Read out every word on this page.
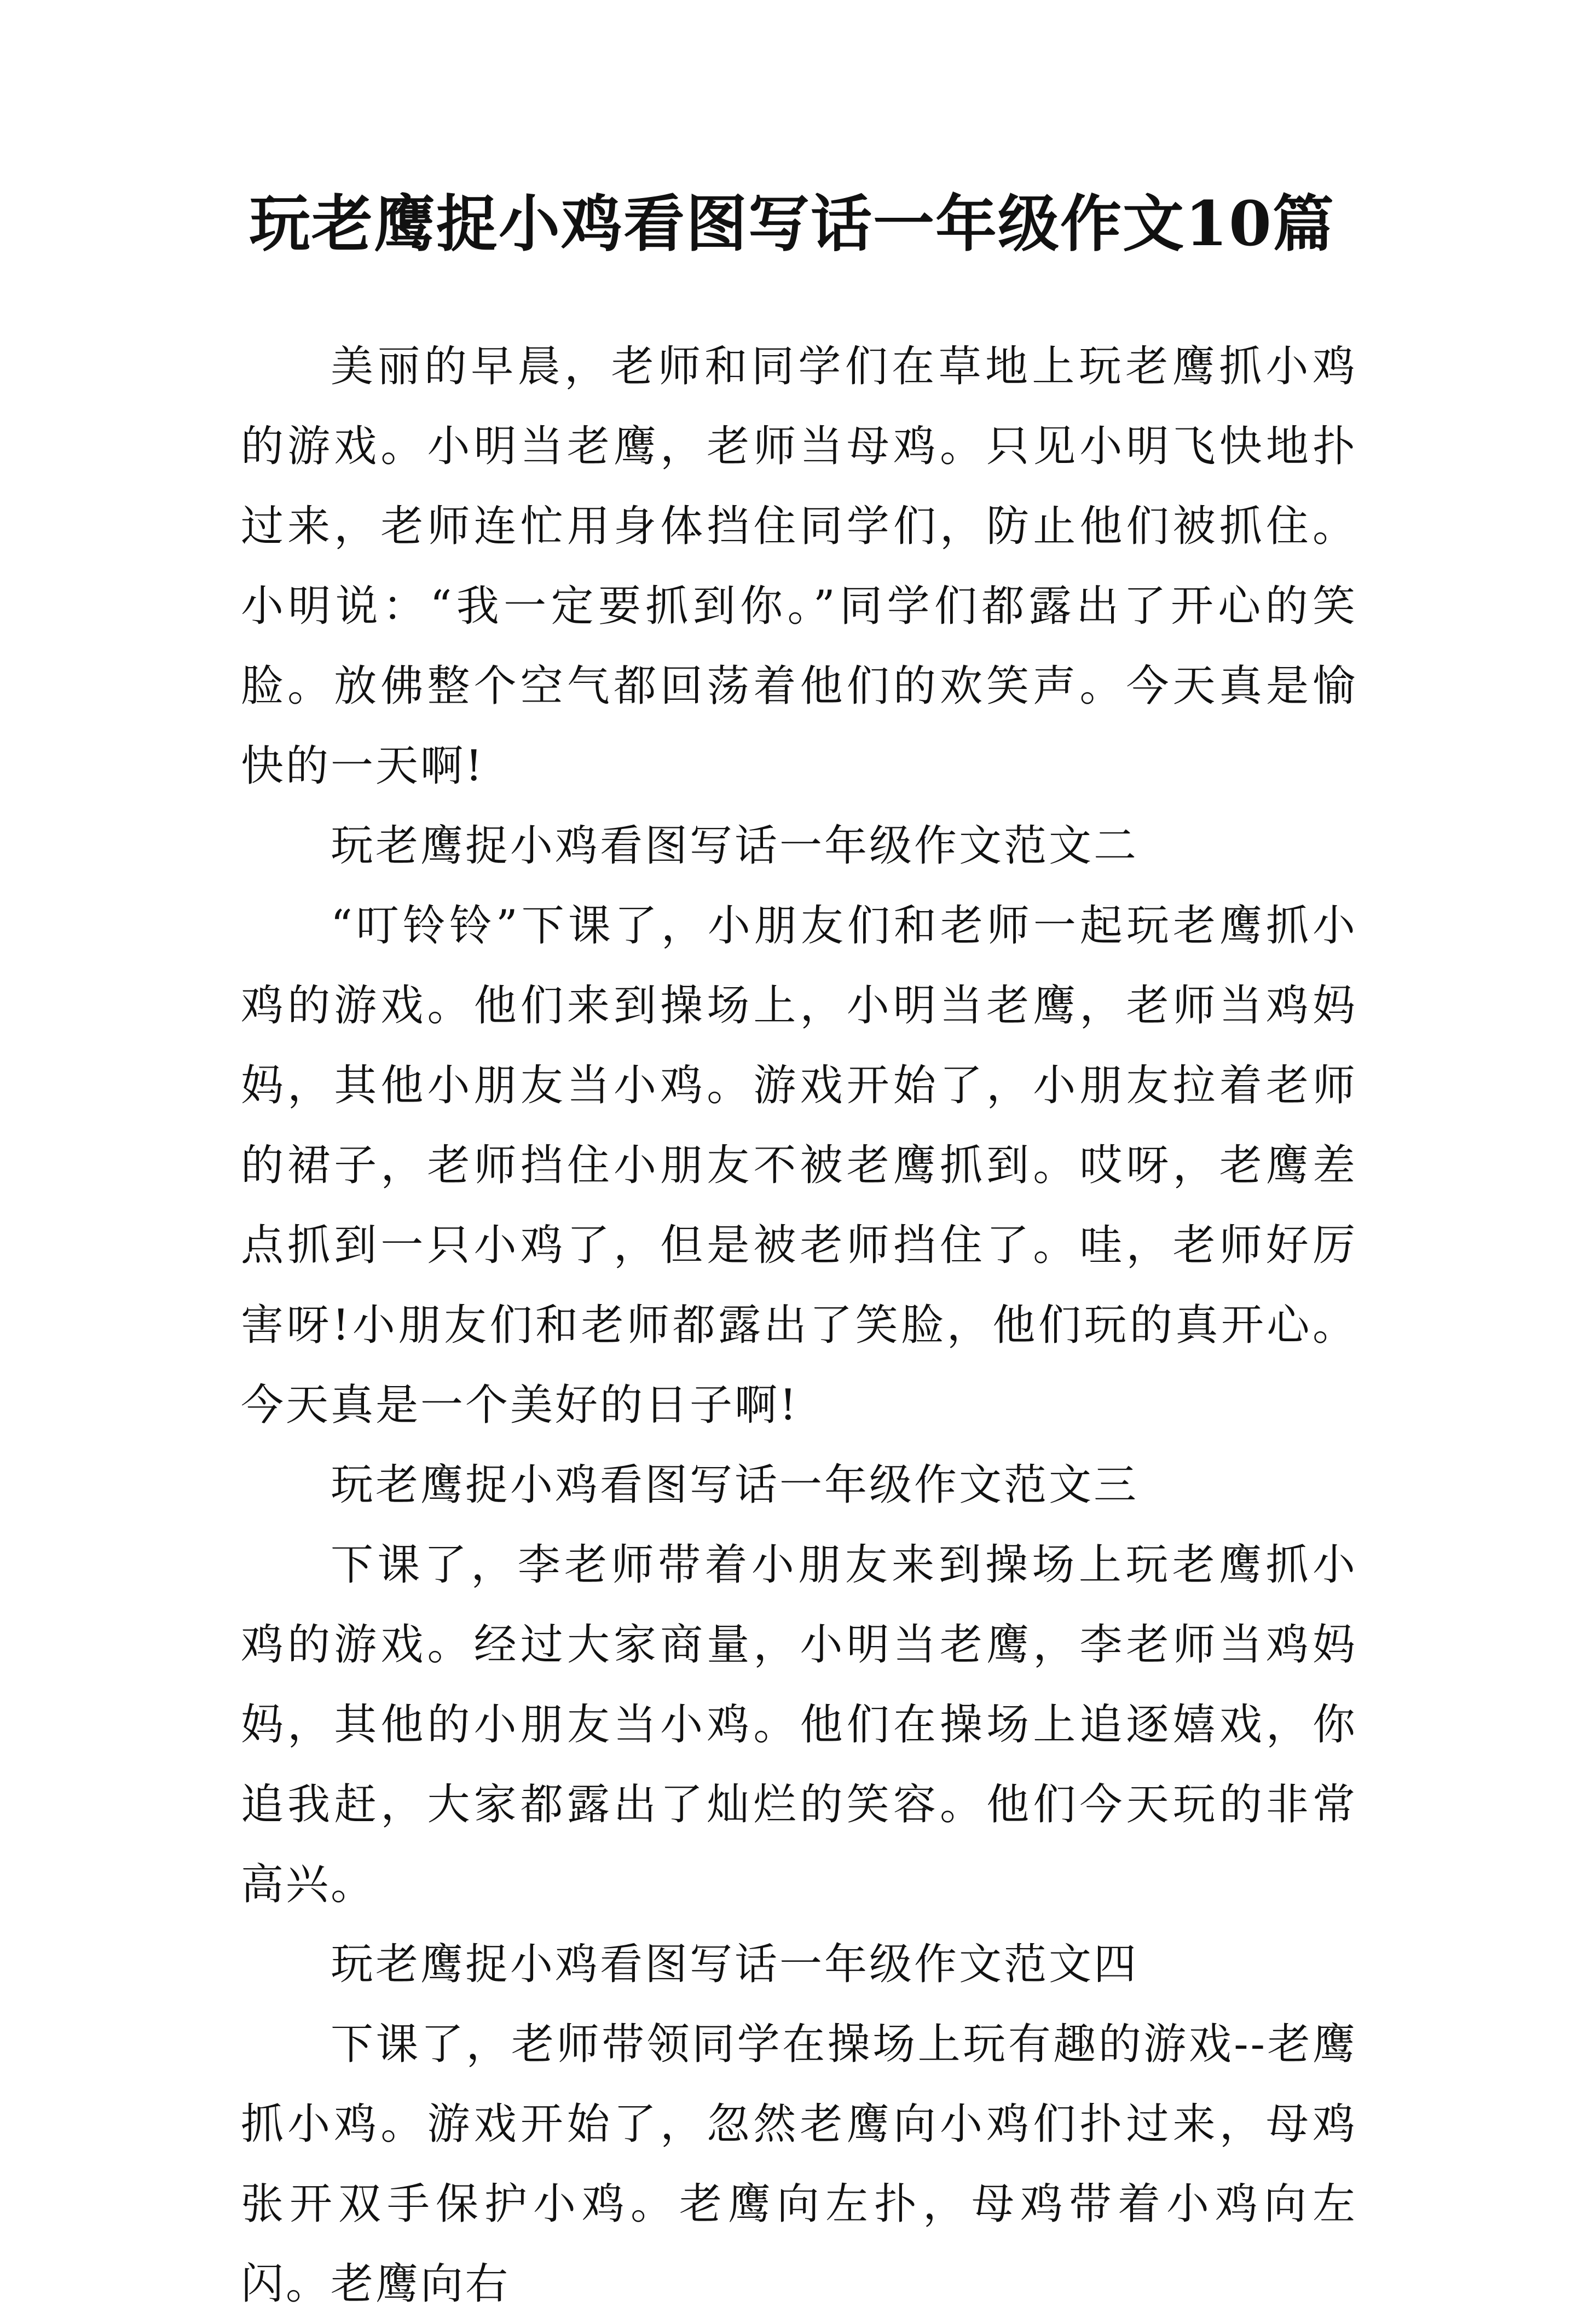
玩老鹰捉小鸡看图写话一年级作文10篇

美丽的早晨，老师和同学们在草地上玩老鹰抓小鸡的游戏。小明当老鹰，老师当母鸡。只见小明飞快地扑过来，老师连忙用身体挡住同学们，防止他们被抓住。小明说：“我一定要抓到你。”同学们都露出了开心的笑脸。放佛整个空气都回荡着他们的欢笑声。今天真是愉快的一天啊!

玩老鹰捉小鸡看图写话一年级作文范文二

“叮铃铃”下课了，小朋友们和老师一起玩老鹰抓小鸡的游戏。他们来到操场上，小明当老鹰，老师当鸡妈妈，其他小朋友当小鸡。游戏开始了，小朋友拉着老师的裙子，老师挡住小朋友不被老鹰抓到。哎呀，老鹰差点抓到一只小鸡了，但是被老师挡住了。哇，老师好厉害呀!小朋友们和老师都露出了笑脸，他们玩的真开心。今天真是一个美好的日子啊!

玩老鹰捉小鸡看图写话一年级作文范文三

下课了，李老师带着小朋友来到操场上玩老鹰抓小鸡的游戏。经过大家商量，小明当老鹰，李老师当鸡妈妈，其他的小朋友当小鸡。他们在操场上追逐嬉戏，你追我赶，大家都露出了灿烂的笑容。他们今天玩的非常高兴。

玩老鹰捉小鸡看图写话一年级作文范文四

下课了，老师带领同学在操场上玩有趣的游戏--老鹰抓小鸡。游戏开始了，忽然老鹰向小鸡们扑过来，母鸡张开双手保护小鸡。老鹰向左扑，母鸡带着小鸡向左闪。老鹰向右
